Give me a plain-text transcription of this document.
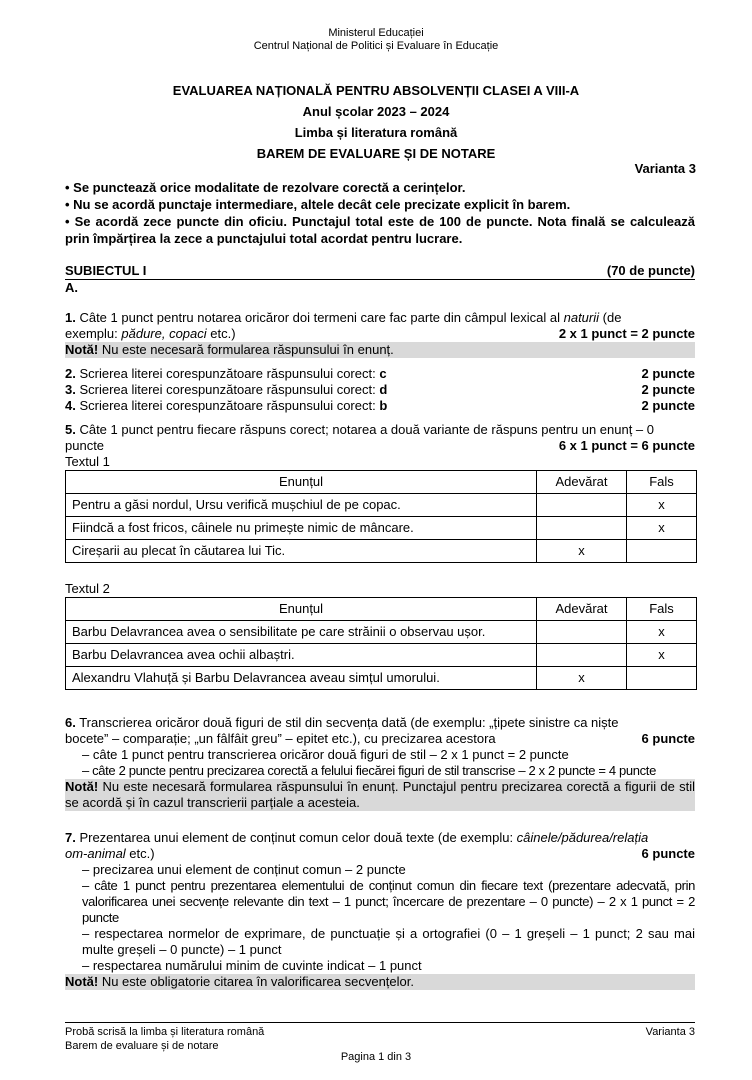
Ministerul Educației
Centrul Național de Politici și Evaluare în Educație
EVALUAREA NAȚIONALĂ PENTRU ABSOLVENȚII CLASEI A VIII-A
Anul școlar 2023 – 2024
Limba și literatura română
BAREM DE EVALUARE ȘI DE NOTARE
Varianta 3
• Se punctează orice modalitate de rezolvare corectă a cerințelor.
• Nu se acordă punctaje intermediare, altele decât cele precizate explicit în barem.
• Se acordă zece puncte din oficiu. Punctajul total este de 100 de puncte. Nota finală se calculează prin împărțirea la zece a punctajului total acordat pentru lucrare.
SUBIECTUL I	(70 de puncte)
A.
1. Câte 1 punct pentru notarea oricăror doi termeni care fac parte din câmpul lexical al naturii (de
exemplu: pădure, copaci etc.)	2 x 1 punct = 2 puncte
Notă! Nu este necesară formularea răspunsului în enunț.
2. Scrierea literei corespunzătoare răspunsului corect: c	2 puncte
3. Scrierea literei corespunzătoare răspunsului corect: d	2 puncte
4. Scrierea literei corespunzătoare răspunsului corect: b	2 puncte
5. Câte 1 punct pentru fiecare răspuns corect; notarea a două variante de răspuns pentru un enunț – 0
puncte	6 x 1 punct = 6 puncte
Textul 1
Enunțul	Adevărat	Fals
Pentru a găsi nordul, Ursu verifică mușchiul de pe copac.		x
Fiindcă a fost fricos, câinele nu primește nimic de mâncare.		x
Cireșarii au plecat în căutarea lui Tic.	x	
Textul 2
Enunțul	Adevărat	Fals
Barbu Delavrancea avea o sensibilitate pe care străinii o observau ușor.		x
Barbu Delavrancea avea ochii albaștri.		x
Alexandru Vlahuță și Barbu Delavrancea aveau simțul umorului.	x	
6. Transcrierea oricăror două figuri de stil din secvența dată (de exemplu: „țipete sinistre ca niște
bocete” – comparație; „un fâlfâit greu” – epitet etc.), cu precizarea acestora	6 puncte
– câte 1 punct pentru transcrierea oricăror două figuri de stil – 2 x 1 punct = 2 puncte
– câte 2 puncte pentru precizarea corectă a felului fiecărei figuri de stil transcrise – 2 x 2 puncte = 4 puncte
Notă! Nu este necesară formularea răspunsului în enunț. Punctajul pentru precizarea corectă a figurii de stil se acordă și în cazul transcrierii parțiale a acesteia.
7. Prezentarea unui element de conținut comun celor două texte (de exemplu: câinele/pădurea/relația
om-animal etc.)	6 puncte
– precizarea unui element de conținut comun – 2 puncte
– câte 1 punct pentru prezentarea elementului de conținut comun din fiecare text (prezentare adecvată, prin valorificarea unei secvențe relevante din text – 1 punct; încercare de prezentare – 0 puncte) – 2 x 1 punct = 2 puncte
– respectarea normelor de exprimare, de punctuație și a ortografiei (0 – 1 greșeli – 1 punct; 2 sau mai multe greșeli – 0 puncte) – 1 punct
– respectarea numărului minim de cuvinte indicat – 1 punct
Notă! Nu este obligatorie citarea în valorificarea secvențelor.
Probă scrisă la limba și literatura română	Varianta 3
Barem de evaluare și de notare
Pagina 1 din 3
